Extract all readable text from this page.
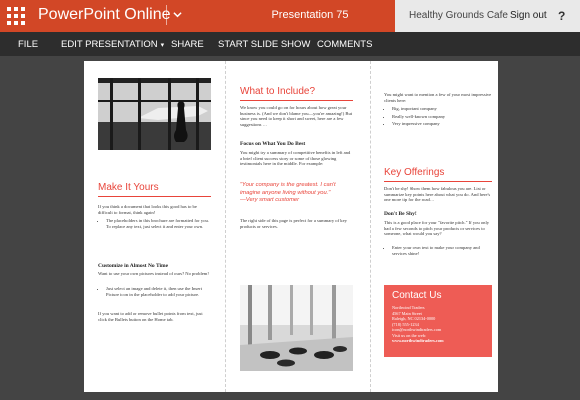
PowerPoint Online	Presentation 75	Healthy Grounds Cafe Sign out ?
FILE EDIT PRESENTATION ▾ SHARE START SLIDE SHOW COMMENTS
Make It Yours
If you think a document that looks this good has to be difficult to format, think again!
• The placeholders in this brochure are formatted for you. To replace any text, just select it and enter your own.
Customize in Almost No Time
Want to use your own pictures instead of ours? No problem!
• Just select an image and delete it, then use the Insert Picture icon in the placeholder to add your picture.
If you want to add or remove bullet points from text, just click the Bullets button on the Home tab.
What to Include?
We know you could go on for hours about how great your business is. (And we don't blame you—you're amazing!) But since you need to keep it short and sweet, here are a few suggestions …
Focus on What You Do Best
You might try a summary of competitive benefits in left and a brief client success story or some of those glowing testimonials here in the middle. For example:
"Your company is the greatest. I can't imagine anyone living without you."
—Very smart customer
The right side of this page is perfect for a summary of key products or services.
You might want to mention a few of your most impressive clients here:
• Big, important company
• Really well-known company
• Very impressive company
Key Offerings
Don't be shy! Show them how fabulous you are. List or summarize key points here about what you do. And here's one more tip for the road…
Don't Be Shy!
This is a good place for your "favorite pitch." If you only had a few seconds to pitch your products or services to someone, what would you say?
• Enter your own text to make your company and services shine!
Contact Us
Northwind Traders
4567 Main Street
Raleigh, NC 02134-0000
(718) 555-1234
icon@northwindtraders.com
Visit us on the web:
www.northwindtraders.com
